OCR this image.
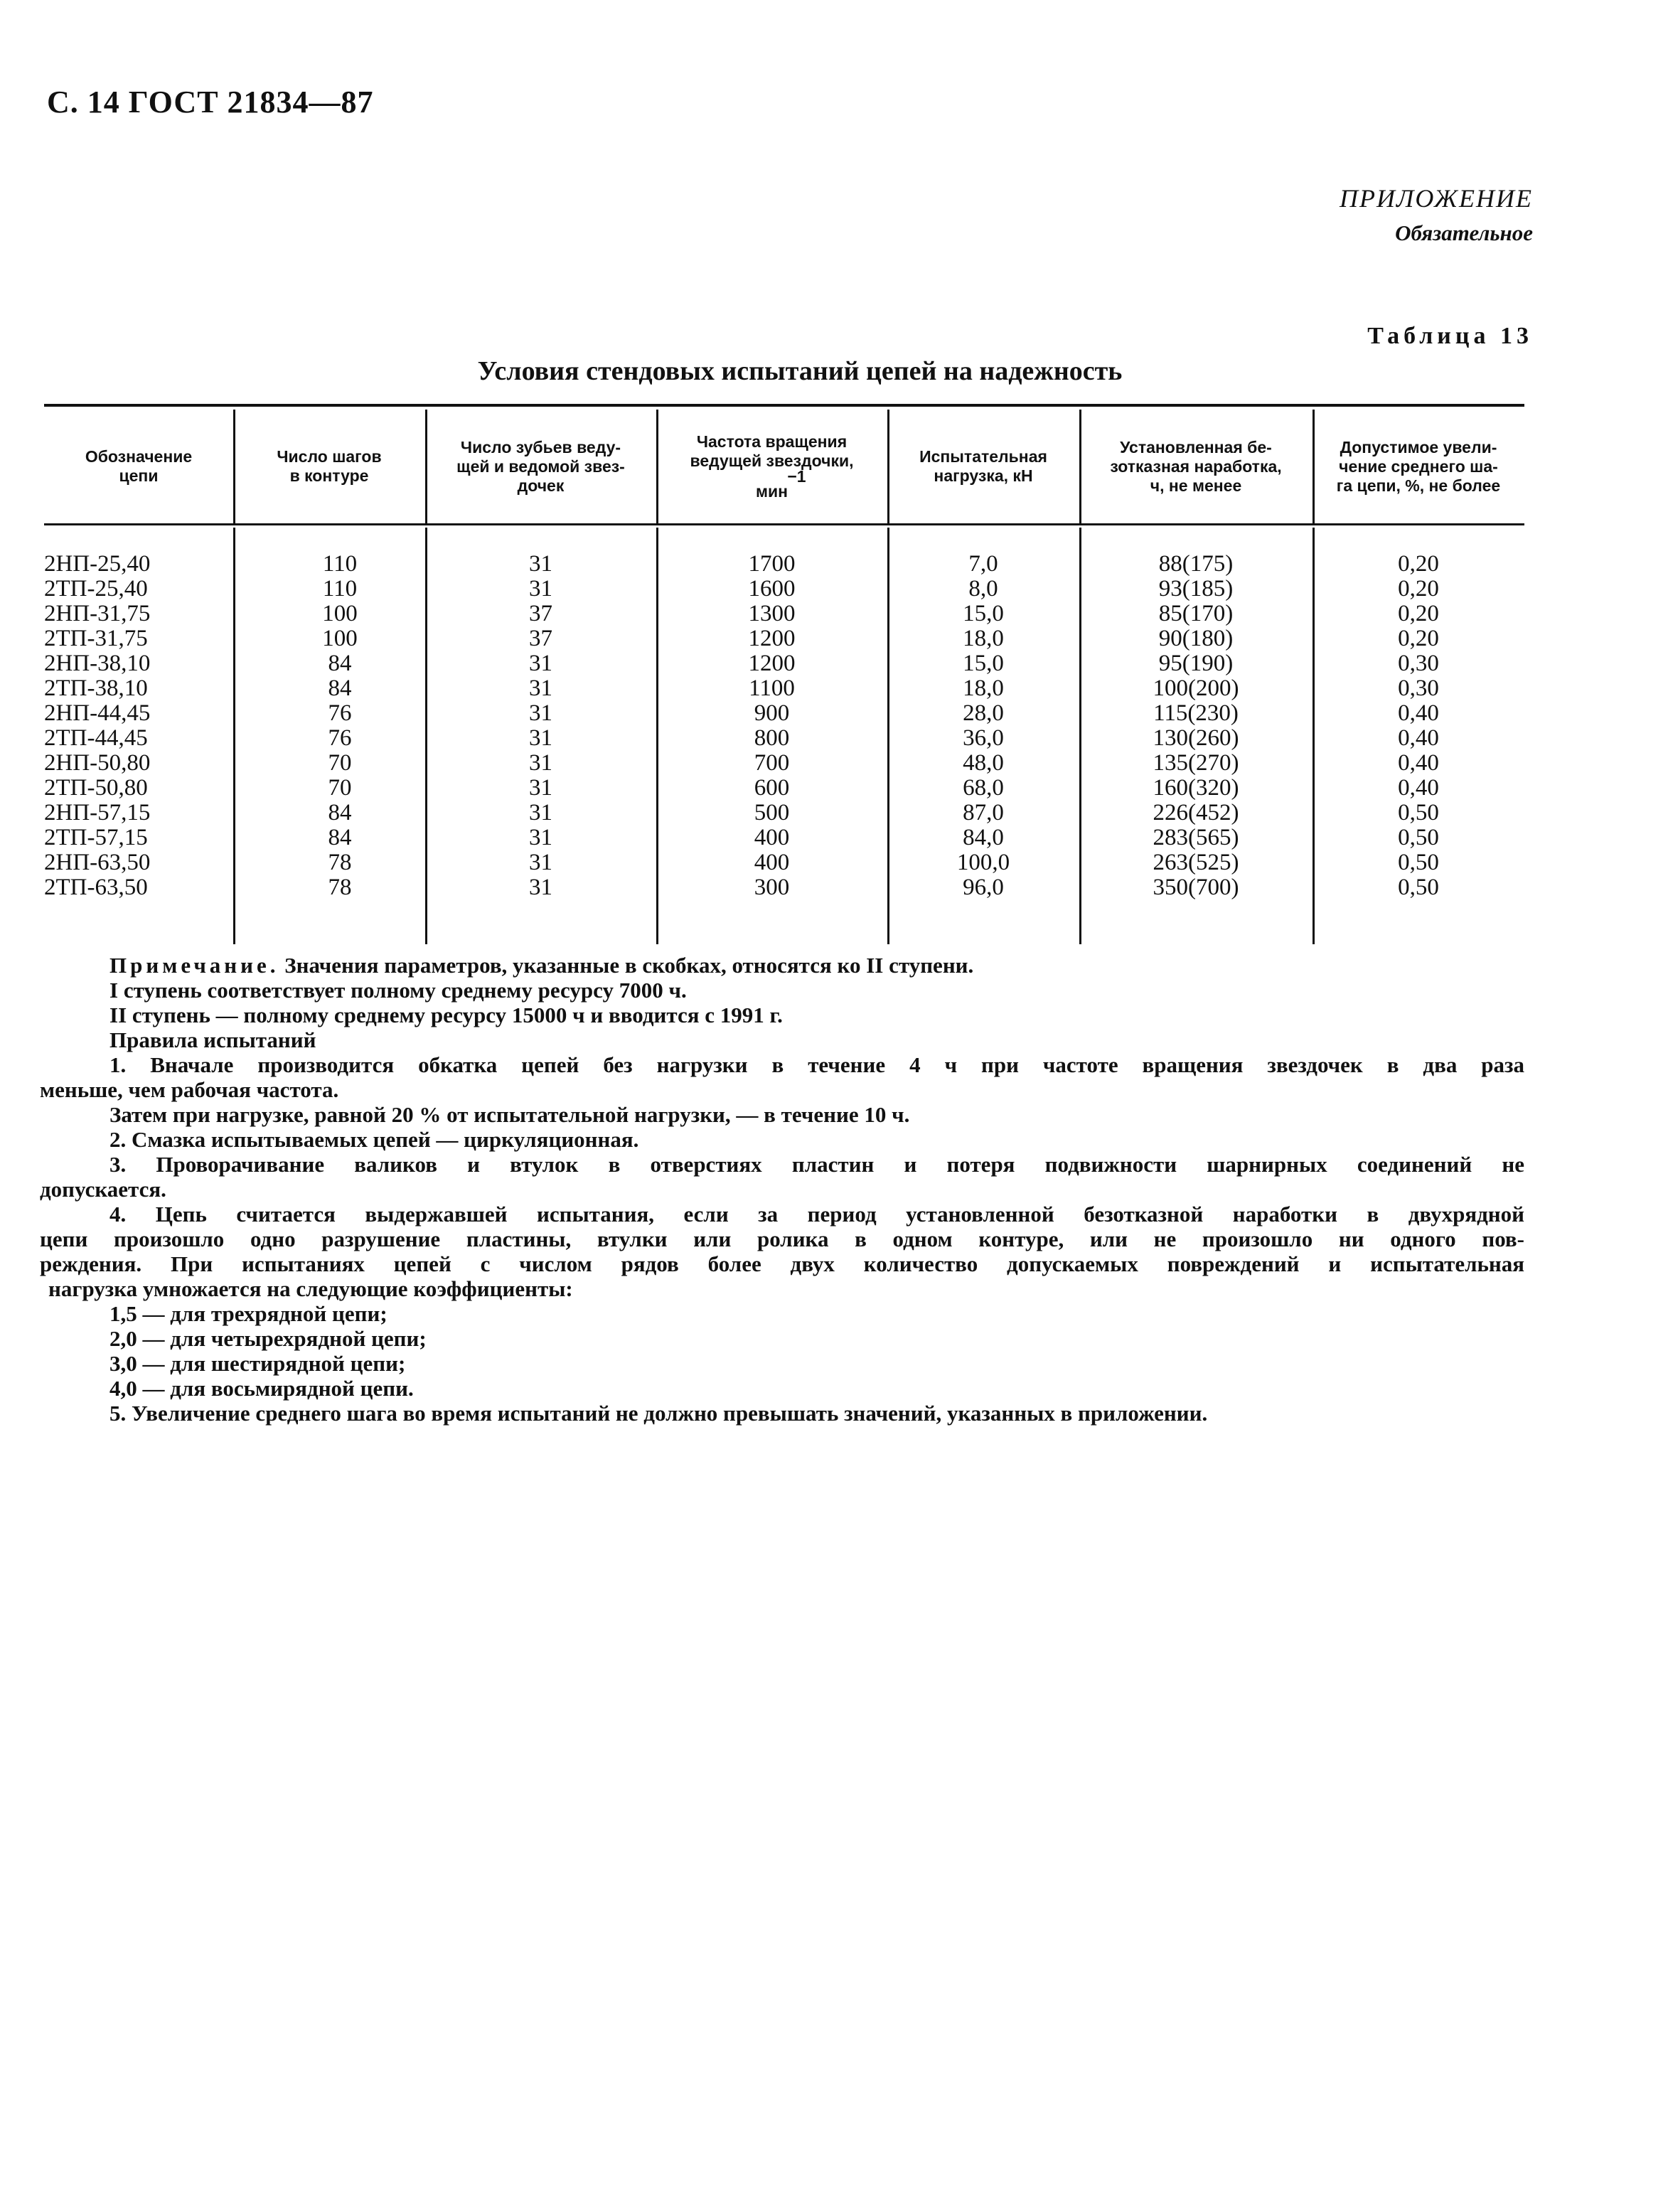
С. 14 ГОСТ 21834—87
ПРИЛОЖЕНИЕ
Обязательное
Таблица 13
Условия стендовых испытаний цепей на надежность
Обозначение
цепи
Число шагов
в контуре
Число зубьев веду-
щей и ведомой звез-
дочек
Частота вращения
ведущей звездочки,
−1
мин
Испытательная
нагрузка, кН
Установленная бе-
зотказная наработка,
ч, не менее
Допустимое увели-
чение среднего ша-
га цепи, %, не более
2НП-25,40
2ТП-25,40
2НП-31,75
2ТП-31,75
2НП-38,10
2ТП-38,10
2НП-44,45
2ТП-44,45
2НП-50,80
2ТП-50,80
2НП-57,15
2ТП-57,15
2НП-63,50
2ТП-63,50
110
110
100
100
84
84
76
76
70
70
84
84
78
78
31
31
37
37
31
31
31
31
31
31
31
31
31
31
1700
1600
1300
1200
1200
1100
900
800
700
600
500
400
400
300
7,0
8,0
15,0
18,0
15,0
18,0
28,0
36,0
48,0
68,0
87,0
84,0
100,0
96,0
88(175)
93(185)
85(170)
90(180)
95(190)
100(200)
115(230)
130(260)
135(270)
160(320)
226(452)
283(565)
263(525)
350(700)
0,20
0,20
0,20
0,20
0,30
0,30
0,40
0,40
0,40
0,40
0,50
0,50
0,50
0,50

Примечание. Значения параметров, указанные в скобках, относятся ко II ступени.

I ступень соответствует полному среднему ресурсу 7000 ч.

II ступень — полному среднему ресурсу 15000 ч и вводится с 1991 г.

Правила испытаний

1. Вначале производится обкатка цепей без нагрузки в течение 4 ч при частоте вращения звездочек в два раза

меньше, чем рабочая частота.

Затем при нагрузке, равной 20 % от испытательной нагрузки, — в течение 10 ч.

2. Смазка испытываемых цепей — циркуляционная.

3. Проворачивание валиков и втулок в отверстиях пластин и потеря подвижности шарнирных соединений не

допускается.

4. Цепь считается выдержавшей испытания, если за период установленной безотказной наработки в двухрядной

цепи произошло одно разрушение пластины, втулки или ролика в одном контуре, или не произошло ни одного пов-

реждения. При испытаниях цепей с числом рядов более двух количество допускаемых повреждений и испытательная

нагрузка умножается на следующие коэффициенты:

1,5 — для трехрядной цепи;

2,0 — для четырехрядной цепи;

3,0 — для шестирядной цепи;

4,0 — для восьмирядной цепи.

5. Увеличение среднего шага во время испытаний не должно превышать значений, указанных в приложении.
